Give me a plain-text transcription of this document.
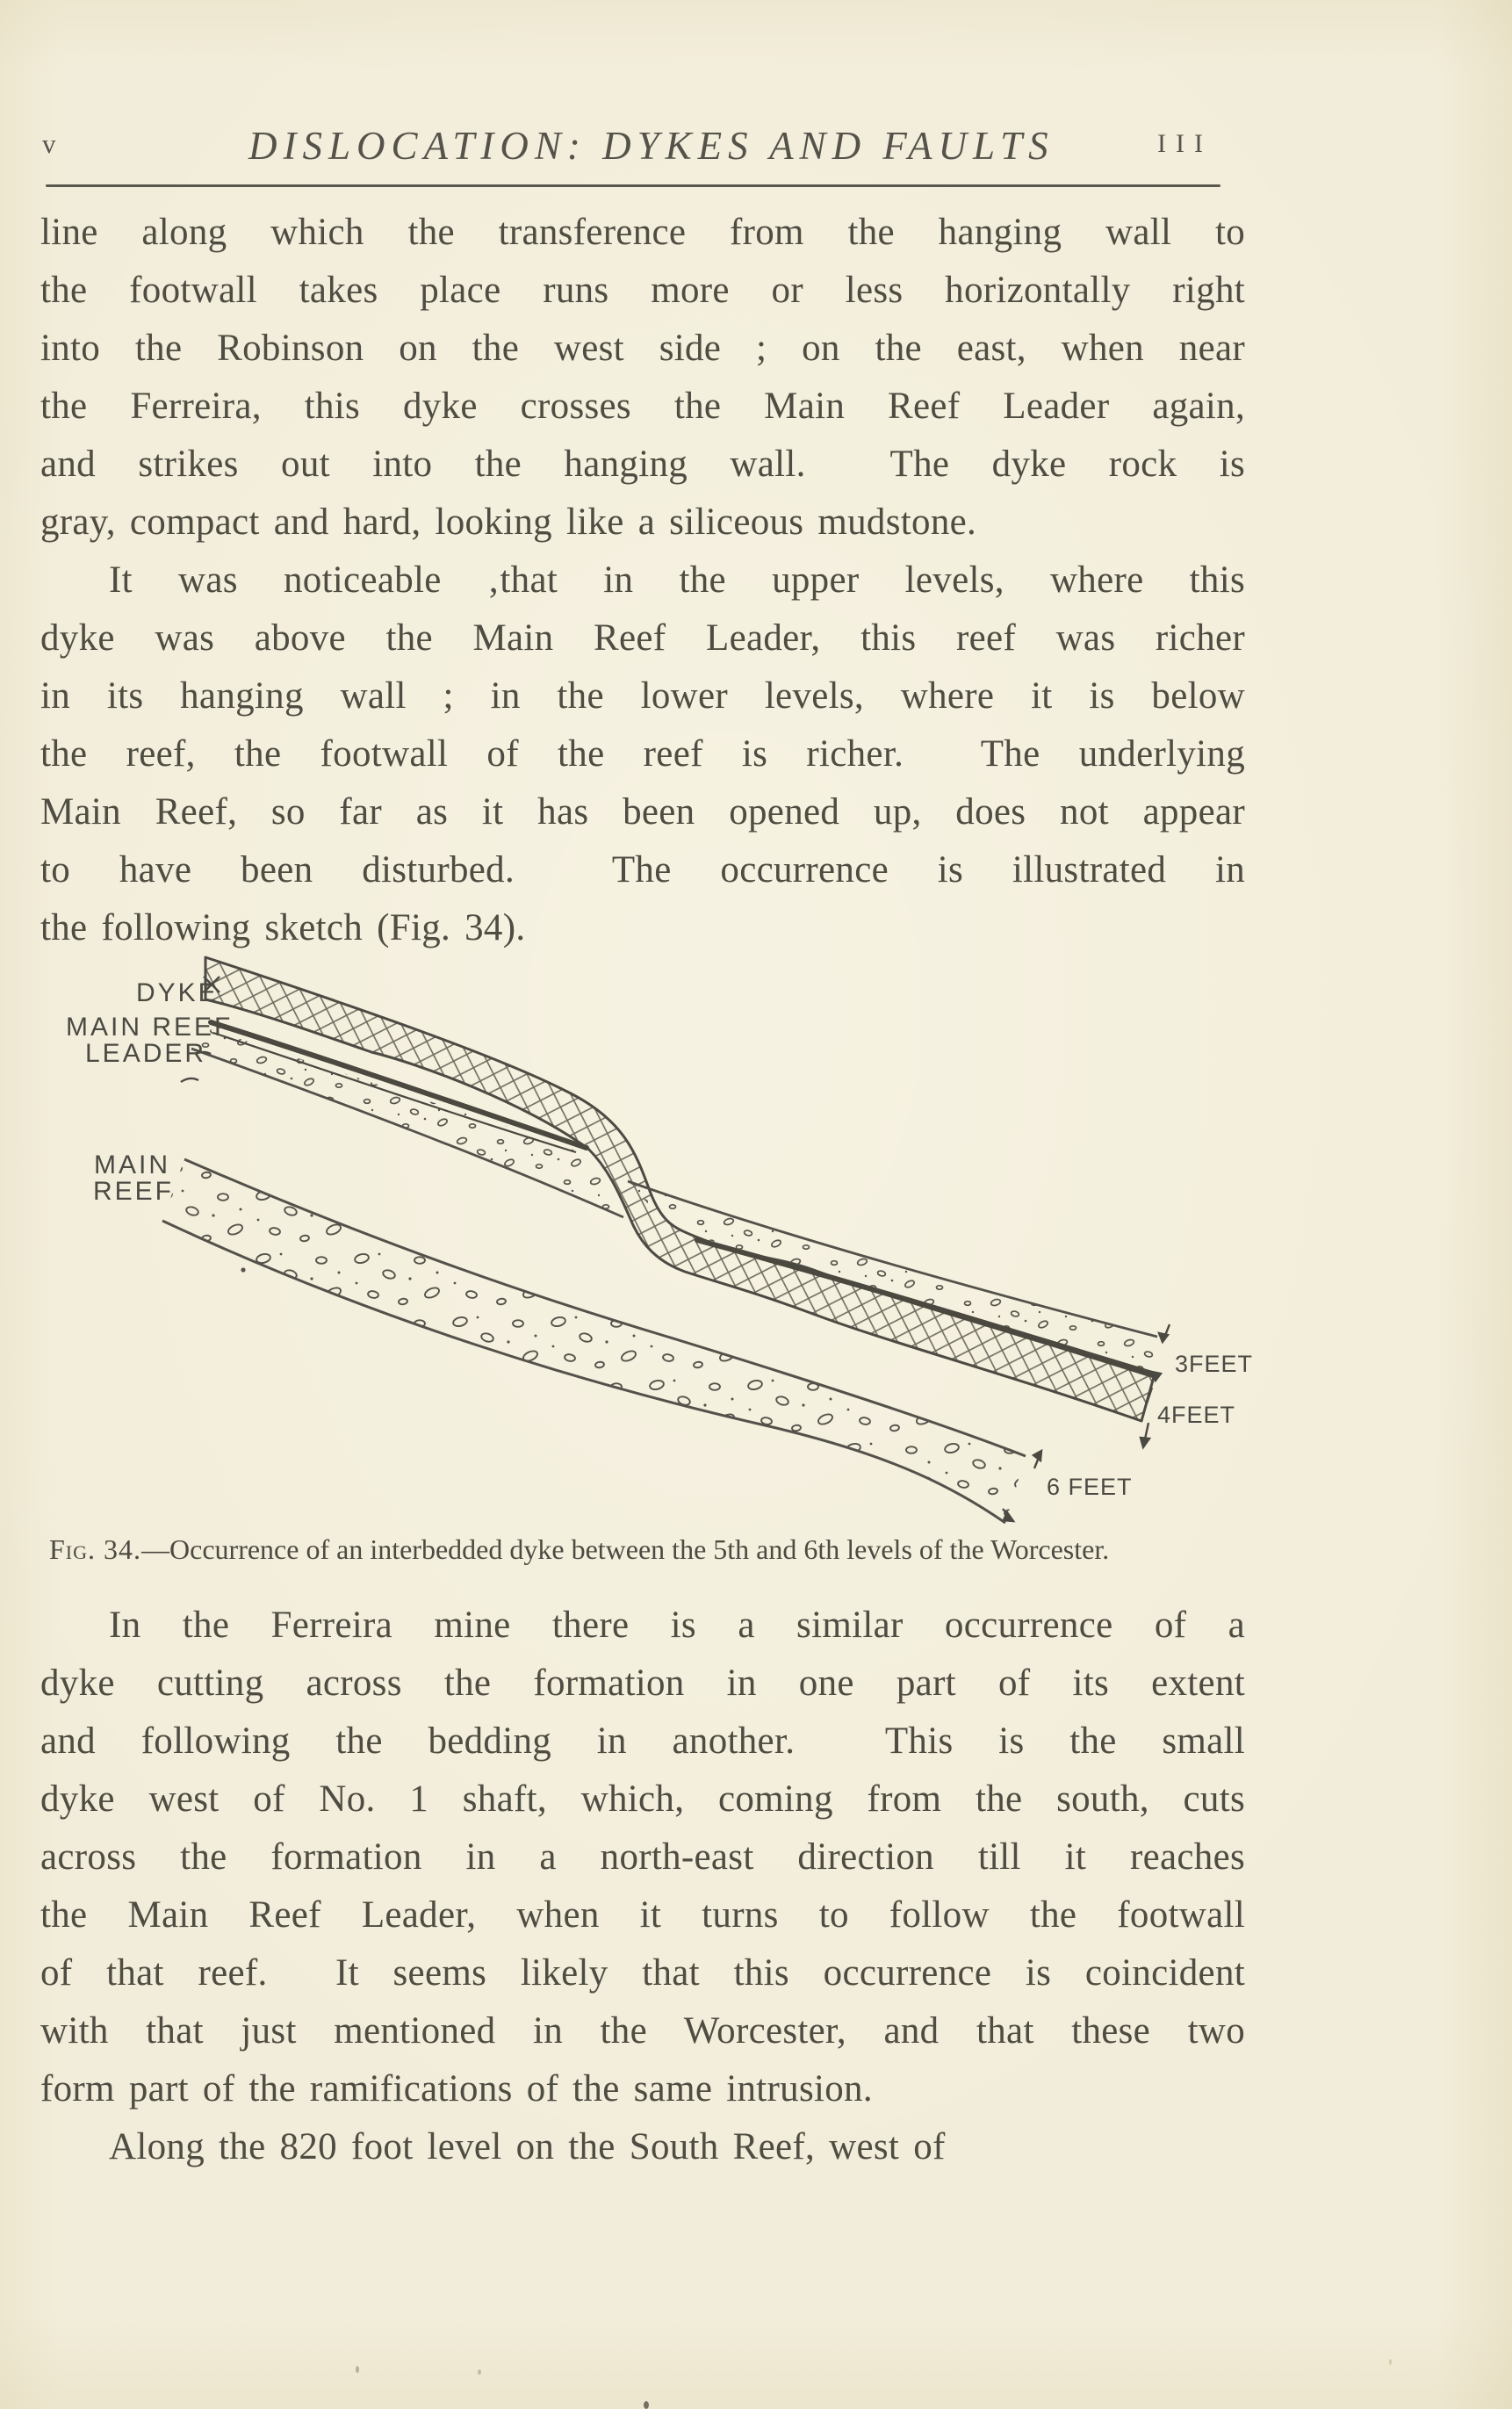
v	DISLOCATION: DYKES AND FAULTS	III
line along which the transference from the hanging wall to
the footwall takes place runs more or less horizontally right
into the Robinson on the west side ; on the east, when near
the Ferreira, this dyke crosses the Main Reef Leader again,
and strikes out into the hanging wall.  The dyke rock is
gray, compact and hard, looking like a siliceous mudstone.
It was noticeable ‚that in the upper levels, where this
dyke was above the Main Reef Leader, this reef was richer
in its hanging wall ; in the lower levels, where it is below
the reef, the footwall of the reef is richer.  The underlying
Main Reef, so far as it has been opened up, does not appear
to have been disturbed.  The occurrence is illustrated in
the following sketch (Fig. 34).
In the Ferreira mine there is a similar occurrence of a
dyke cutting across the formation in one part of its extent
and following the bedding in another.  This is the small
dyke west of No. 1 shaft, which, coming from the south, cuts
across the formation in a north-east direction till it reaches
the Main Reef Leader, when it turns to follow the footwall
of that reef.  It seems likely that this occurrence is coincident
with that just mentioned in the Worcester, and that these two
form part of the ramifications of the same intrusion.
Along the 820 foot level on the South Reef, west of
DYKE
MAIN REEF
LEADER
MAIN
REEF
3FEET
4FEET
6 FEET
Fig. 34.—Occurrence of an interbedded dyke between the 5th and 6th levels of the Worcester.
